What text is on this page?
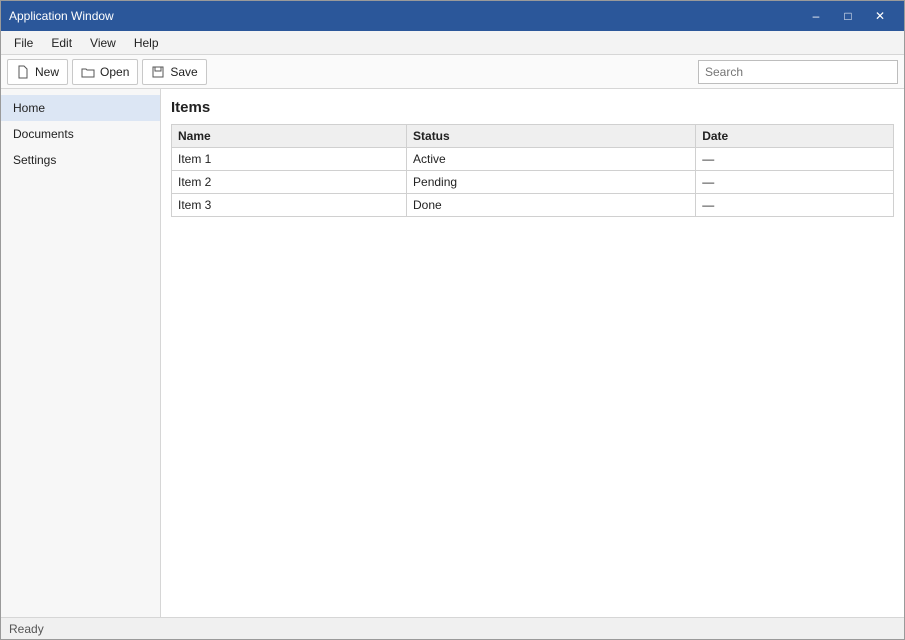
Application Window	–	□	✕
File	Edit	View	Help
New	Open	Save
Search
Home
Documents
Settings
Items
Name	Status	Date
Item 1	Active	—
Item 2	Pending	—
Item 3	Done	—
Ready
